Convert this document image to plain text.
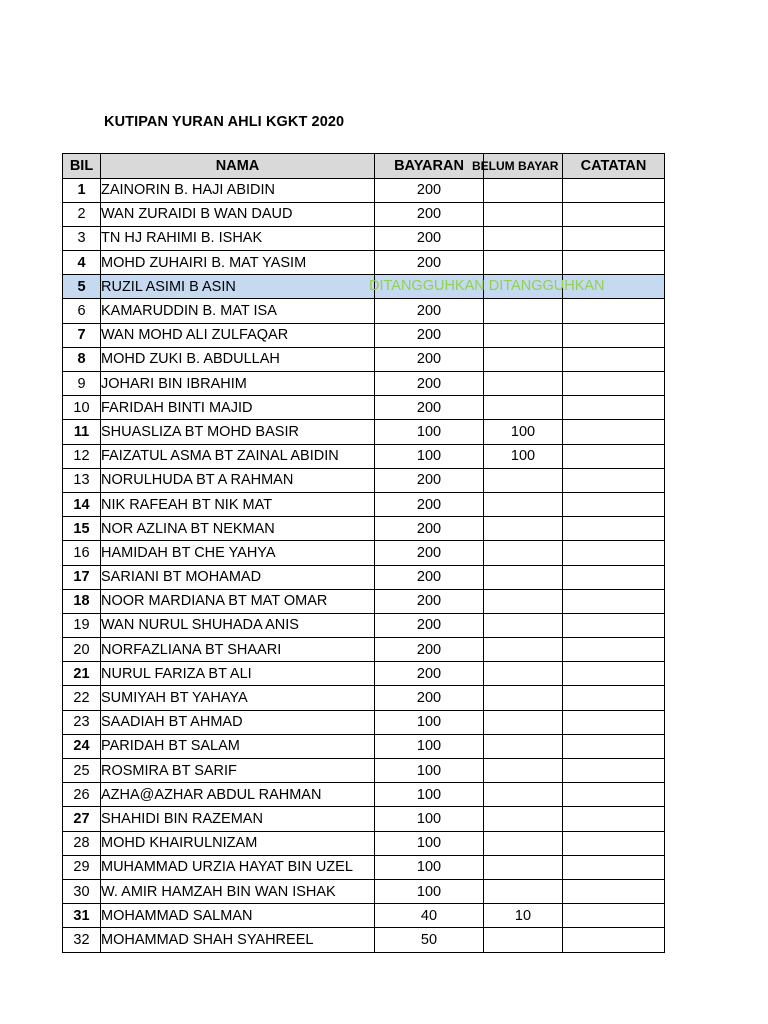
KUTIPAN YURAN AHLI KGKT 2020
BIL	NAMA	BAYARAN	BELUM BAYAR	CATATAN
1	ZAINORIN B. HAJI ABIDIN	200		
2	WAN ZURAIDI B WAN DAUD	200		
3	TN HJ RAHIMI B. ISHAK	200		
4	MOHD ZUHAIRI B. MAT YASIM	200		
5	RUZIL ASIMI B ASIN	DITANGGUHKAN DITANGGUHKAN		

6	KAMARUDDIN B. MAT ISA	200		
7	WAN MOHD ALI ZULFAQAR	200		
8	MOHD ZUKI B. ABDULLAH	200		
9	JOHARI BIN IBRAHIM	200		
10	FARIDAH BINTI MAJID	200		
11	SHUASLIZA BT MOHD BASIR	100	100	
12	FAIZATUL ASMA BT ZAINAL ABIDIN	100	100	
13	NORULHUDA BT A RAHMAN	200		
14	NIK RAFEAH BT NIK MAT	200		
15	NOR AZLINA BT NEKMAN	200		
16	HAMIDAH BT CHE YAHYA	200		
17	SARIANI BT MOHAMAD	200		
18	NOOR MARDIANA BT MAT OMAR	200		
19	WAN NURUL SHUHADA ANIS	200		
20	NORFAZLIANA BT SHAARI	200		
21	NURUL FARIZA BT ALI	200		
22	SUMIYAH BT YAHAYA	200		
23	SAADIAH BT AHMAD	100		
24	PARIDAH BT SALAM	100		
25	ROSMIRA BT SARIF	100		
26	AZHA@AZHAR ABDUL RAHMAN	100		
27	SHAHIDI BIN RAZEMAN	100		
28	MOHD KHAIRULNIZAM	100		
29	MUHAMMAD URZIA HAYAT BIN UZEL	100		
30	W. AMIR HAMZAH BIN WAN ISHAK	100		
31	MOHAMMAD SALMAN	40	10	
32	MOHAMMAD SHAH SYAHREEL	50		
